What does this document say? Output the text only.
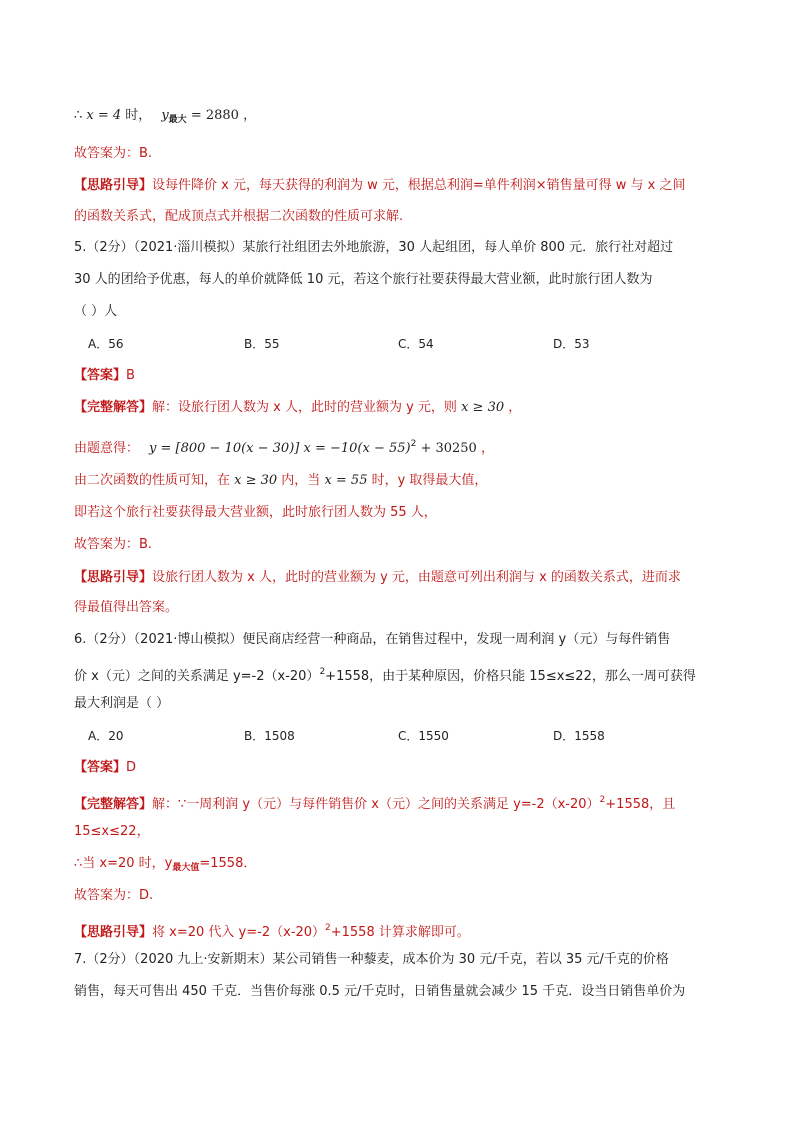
∴ x = 4 时， $y_{最大} = 2880$ ，
故答案为：B.
【思路引导】设每件降价 x 元，每天获得的利润为 w 元，根据总利润=单件利润×销售量可得 w 与 x 之间
的函数关系式，配成顶点式并根据二次函数的性质可求解.
5.（2分）（2021·淄川模拟）某旅行社组团去外地旅游，30 人起组团，每人单价 800 元．旅行社对超过
30 人的团给予优惠，每人的单价就降低 10 元，若这个旅行社要获得最大营业额，此时旅行团人数为
（ ）人
A．56	B．55	C．54	D．53
【答案】B
【完整解答】解：设旅行团人数为 x 人，此时的营业额为 y 元，则 x ≥ 30 ，
由题意得： y = [800 − 10(x − 30)] $x = -10(x - 55)^2 + 30250$ ，
由二次函数的性质可知，在 x ≥ 30 内，当 x = 55 时，y 取得最大值，
即若这个旅行社要获得最大营业额，此时旅行团人数为 55 人，
故答案为：B.
【思路引导】设旅行团人数为 x 人，此时的营业额为 y 元，由题意可列出利润与 x 的函数关系式，进而求
得最值得出答案。
6.（2分）（2021·博山模拟）便民商店经营一种商品，在销售过程中，发现一周利润 y（元）与每件销售
价 x（元）之间的关系满足 $y=-2(x-20)^2+1558$，由于某种原因，价格只能 15≤x≤22，那么一周可获得
最大利润是（ ）
A．20	B．1508	C．1550	D．1558
【答案】D
【完整解答】解：∵一周利润 y（元）与每件销售价 x（元）之间的关系满足 $y=-2(x-20)^2+1558$，且
15≤x≤22，
∴当 x=20 时，$y_{最大值}=1558$．
故答案为：D.
【思路引导】将 x=20 代入 $y=-2(x-20)^2+1558$ 计算求解即可。
7.（2分）（2020 九上·安新期末）某公司销售一种藜麦，成本价为 30 元/千克，若以 35 元/千克的价格
销售，每天可售出 450 千克．当售价每涨 0.5 元/千克时，日销售量就会减少 15 千克．设当日销售单价为
